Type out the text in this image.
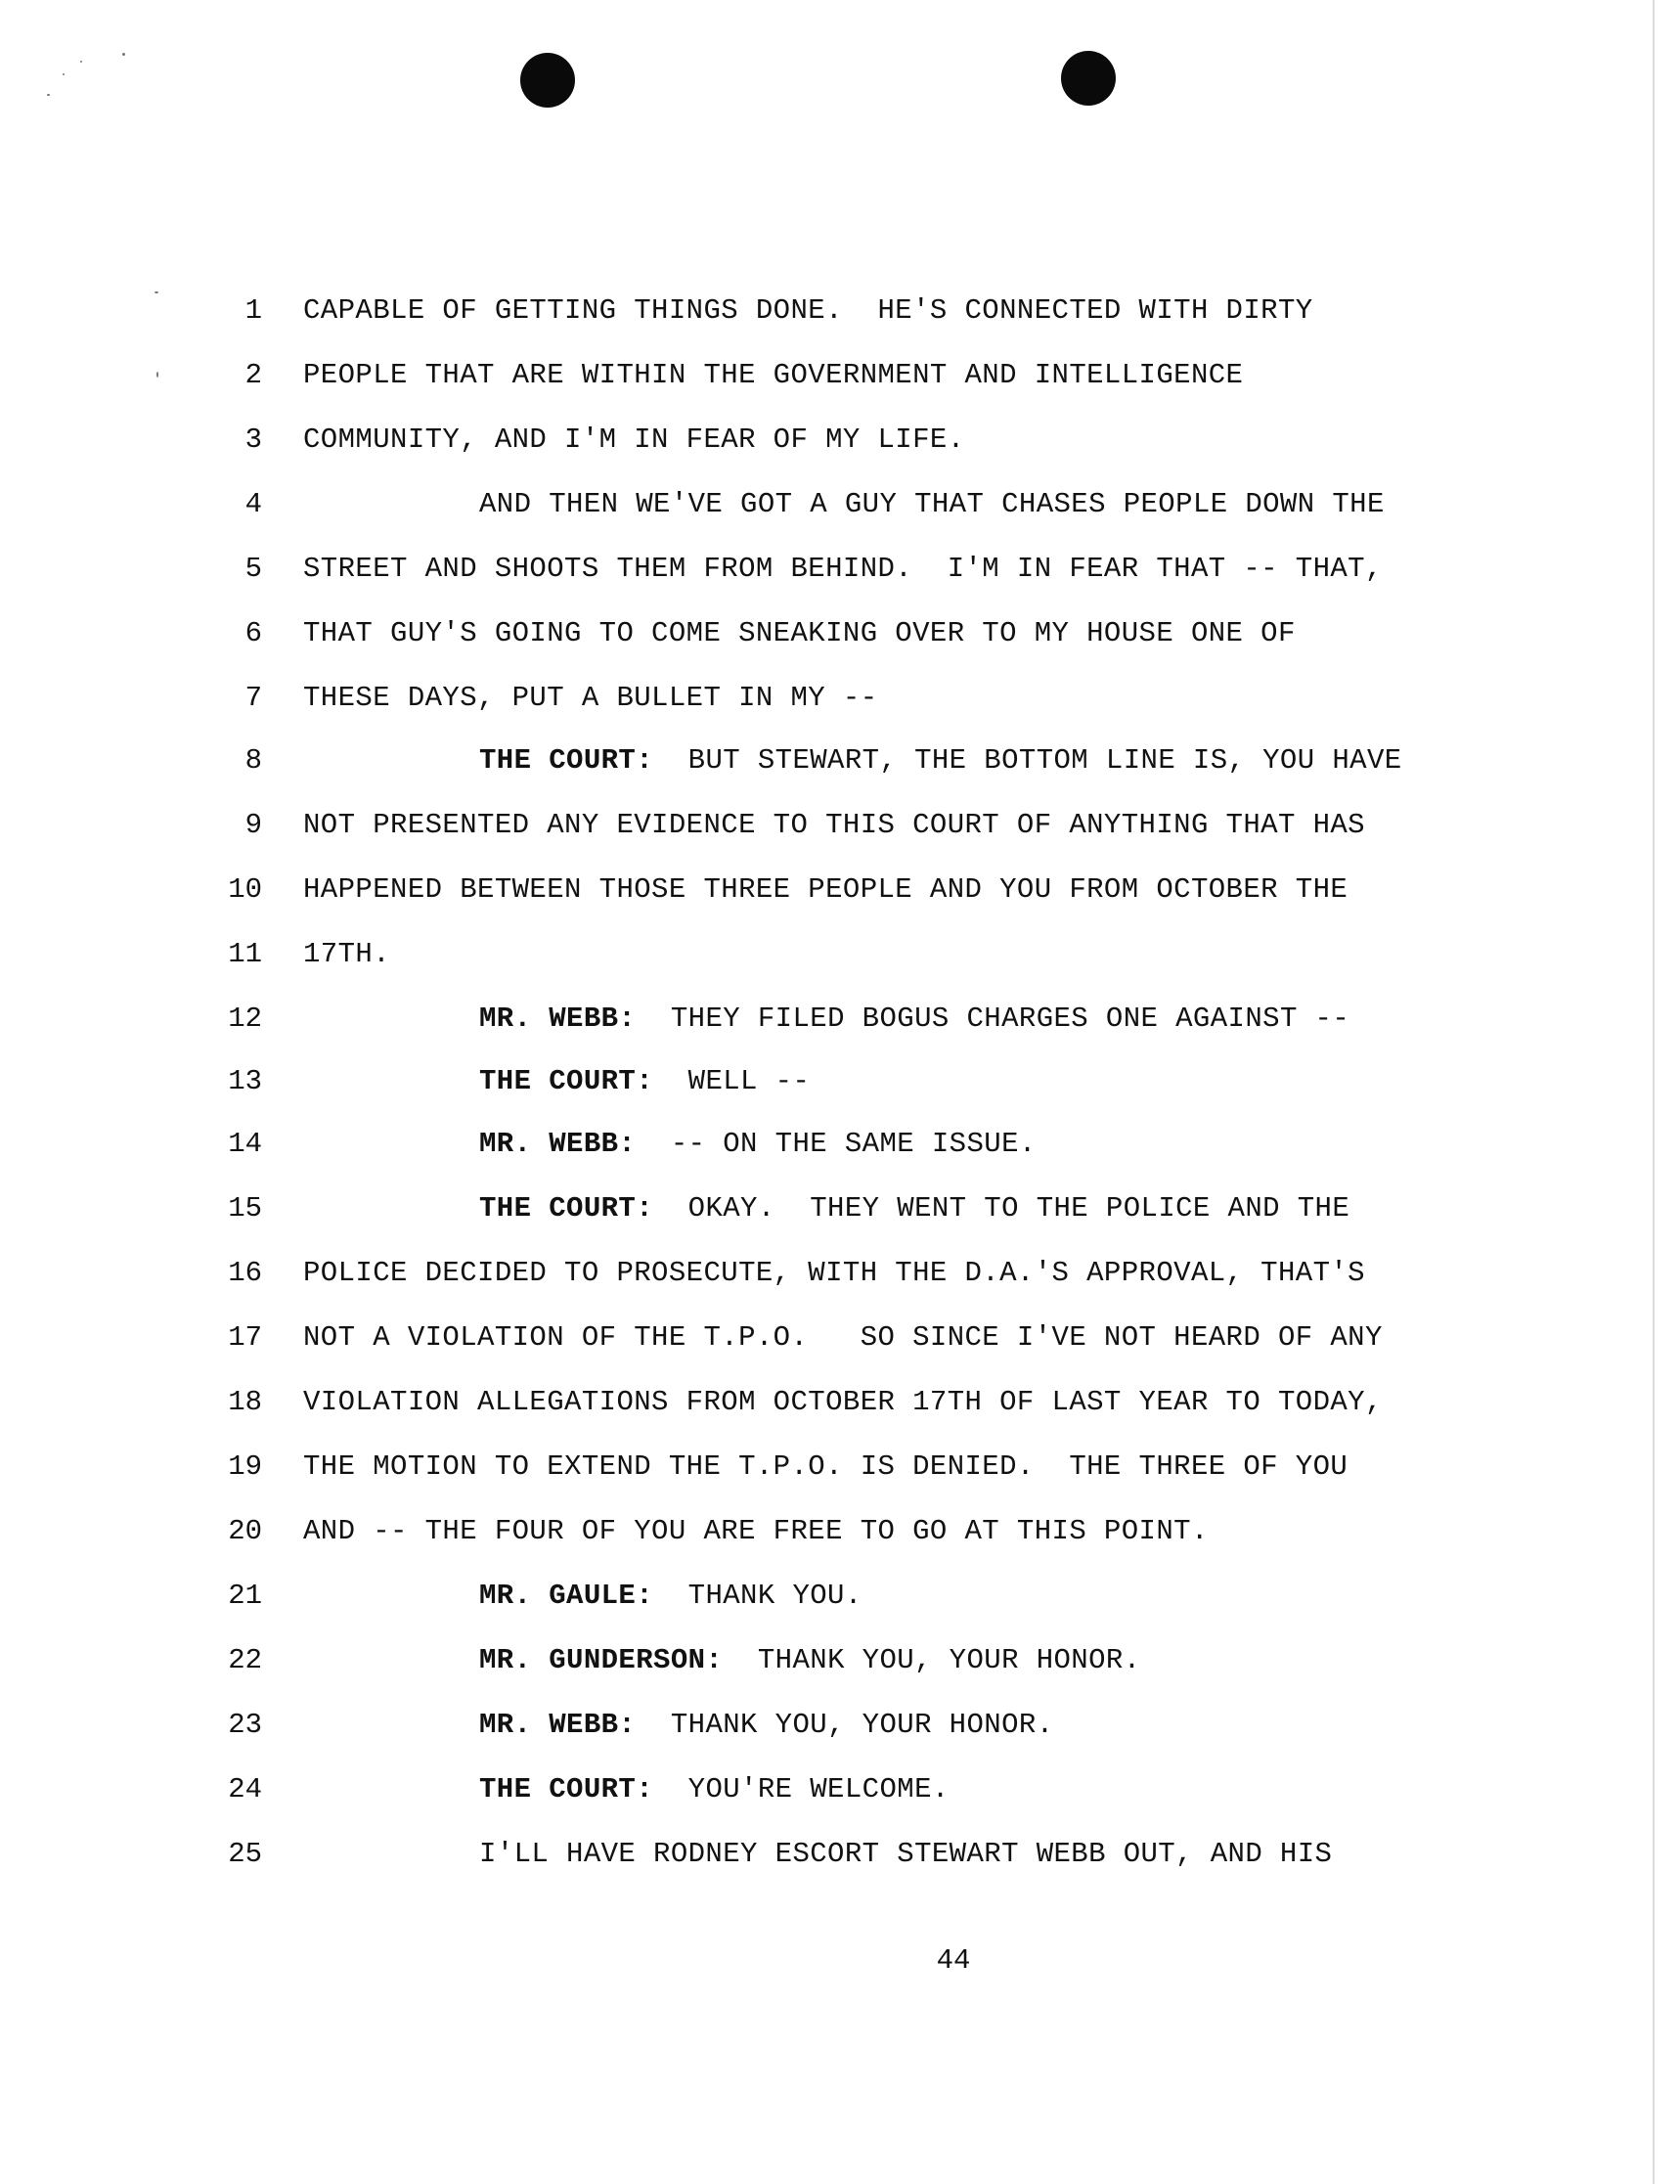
1 CAPABLE OF GETTING THINGS DONE.  HE'S CONNECTED WITH DIRTY
2 PEOPLE THAT ARE WITHIN THE GOVERNMENT AND INTELLIGENCE
3 COMMUNITY, AND I'M IN FEAR OF MY LIFE.
4	AND THEN WE'VE GOT A GUY THAT CHASES PEOPLE DOWN THE
5 STREET AND SHOOTS THEM FROM BEHIND.  I'M IN FEAR THAT -- THAT,
6 THAT GUY'S GOING TO COME SNEAKING OVER TO MY HOUSE ONE OF
7 THESE DAYS, PUT A BULLET IN MY --
8	THE COURT:  BUT STEWART, THE BOTTOM LINE IS, YOU HAVE
9 NOT PRESENTED ANY EVIDENCE TO THIS COURT OF ANYTHING THAT HAS
10 HAPPENED BETWEEN THOSE THREE PEOPLE AND YOU FROM OCTOBER THE
11 17TH.
12	MR. WEBB:  THEY FILED BOGUS CHARGES ONE AGAINST --
13	THE COURT:  WELL --
14	MR. WEBB:  -- ON THE SAME ISSUE.
15	THE COURT:  OKAY.  THEY WENT TO THE POLICE AND THE
16 POLICE DECIDED TO PROSECUTE, WITH THE D.A.'S APPROVAL, THAT'S
17 NOT A VIOLATION OF THE T.P.O.   SO SINCE I'VE NOT HEARD OF ANY
18 VIOLATION ALLEGATIONS FROM OCTOBER 17TH OF LAST YEAR TO TODAY,
19 THE MOTION TO EXTEND THE T.P.O. IS DENIED.  THE THREE OF YOU
20 AND -- THE FOUR OF YOU ARE FREE TO GO AT THIS POINT.
21	MR. GAULE:  THANK YOU.
22	MR. GUNDERSON:  THANK YOU, YOUR HONOR.
23	MR. WEBB:  THANK YOU, YOUR HONOR.
24	THE COURT:  YOU'RE WELCOME.
25	I'LL HAVE RODNEY ESCORT STEWART WEBB OUT, AND HIS
44
